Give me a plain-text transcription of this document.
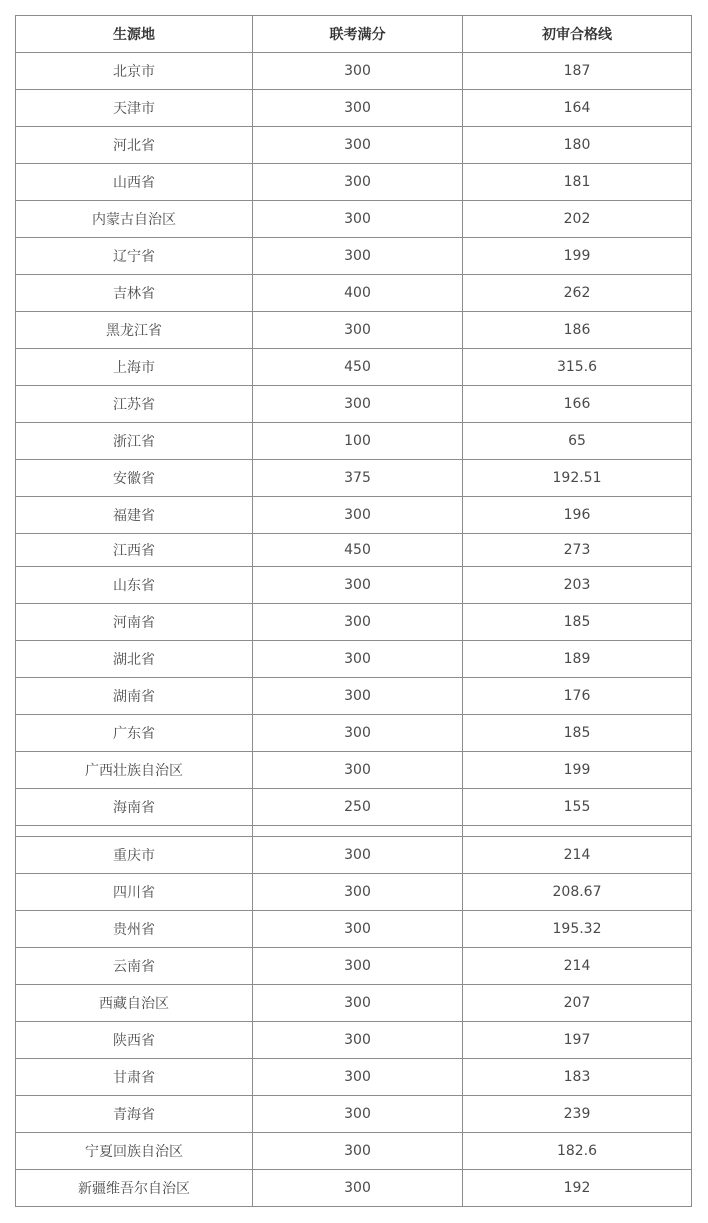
生源地	联考满分	初审合格线
北京市	300	187
天津市	300	164
河北省	300	180
山西省	300	181
内蒙古自治区	300	202
辽宁省	300	199
吉林省	400	262
黑龙江省	300	186
上海市	450	315.6
江苏省	300	166
浙江省	100	65
安徽省	375	192.51
福建省	300	196
江西省	450	273
山东省	300	203
河南省	300	185
湖北省	300	189
湖南省	300	176
广东省	300	185
广西壮族自治区	300	199
海南省	250	155

重庆市	300	214
四川省	300	208.67
贵州省	300	195.32
云南省	300	214
西藏自治区	300	207
陕西省	300	197
甘肃省	300	183
青海省	300	239
宁夏回族自治区	300	182.6
新疆维吾尔自治区	300	192
